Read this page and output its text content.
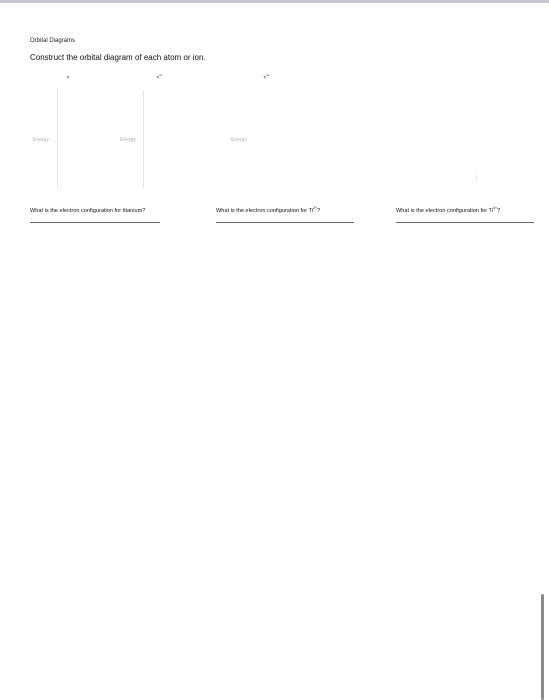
Orbital Diagrams
Construct the orbital diagram of each atom or ion.
Ti	$Ti^{2+}$	$Ti^{4+}$
Energy	Energy	Energy
What is the electron configuration for titanium?	What is the electron configuration for $Ti^{2+}$?	What is the electron configuration for $Ti^{4+}$?
